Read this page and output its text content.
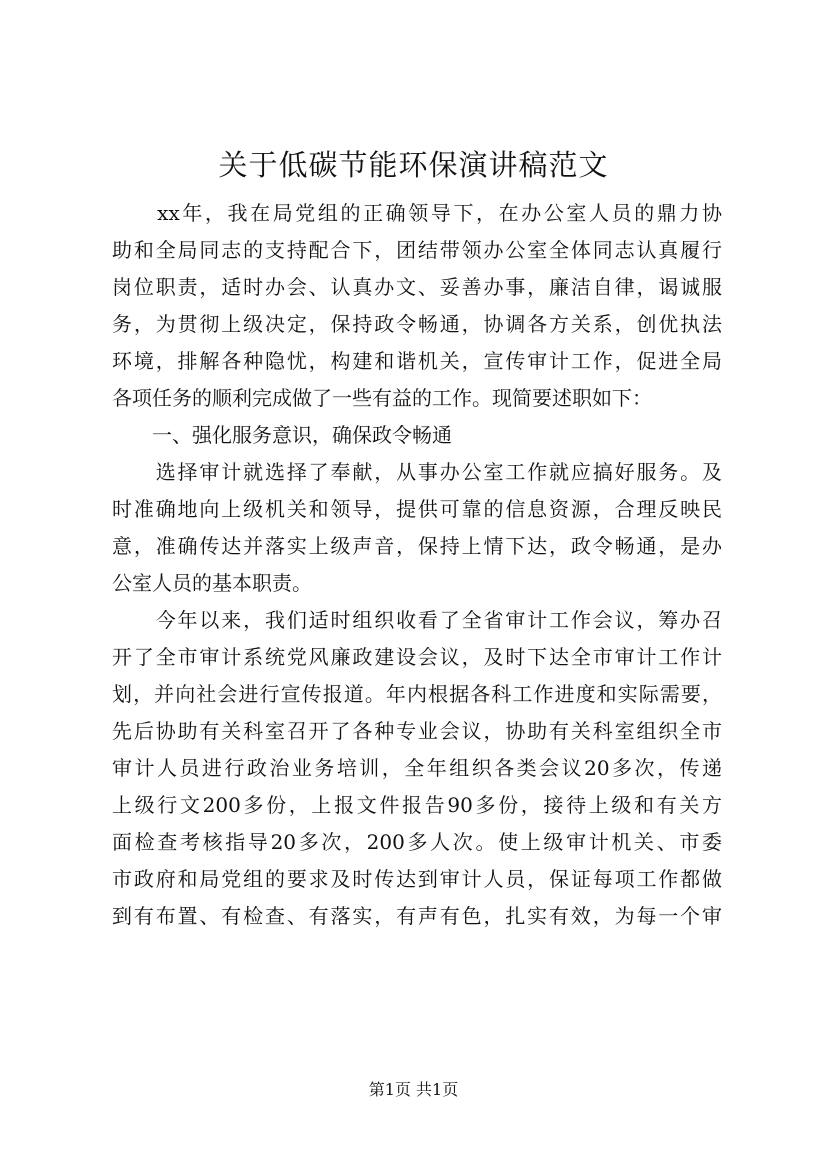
关于低碳节能环保演讲稿范文
　　xx年，我在局党组的正确领导下，在办公室人员的鼎力协
助和全局同志的支持配合下，团结带领办公室全体同志认真履行
岗位职责，适时办会、认真办文、妥善办事，廉洁自律，谒诚服
务，为贯彻上级决定，保持政令畅通，协调各方关系，创优执法
环境，排解各种隐忧，构建和谐机关，宣传审计工作，促进全局
各项任务的顺利完成做了一些有益的工作。现简要述职如下：
　　一、强化服务意识，确保政令畅通
　　选择审计就选择了奉献，从事办公室工作就应搞好服务。及
时准确地向上级机关和领导，提供可靠的信息资源，合理反映民
意，准确传达并落实上级声音，保持上情下达，政令畅通，是办
公室人员的基本职责。
　　今年以来，我们适时组织收看了全省审计工作会议，筹办召
开了全市审计系统党风廉政建设会议，及时下达全市审计工作计
划，并向社会进行宣传报道。年内根据各科工作进度和实际需要，
先后协助有关科室召开了各种专业会议，协助有关科室组织全市
审计人员进行政治业务培训，全年组织各类会议20多次，传递
上级行文200多份，上报文件报告90多份，接待上级和有关方
面检查考核指导20多次，200多人次。使上级审计机关、市委
市政府和局党组的要求及时传达到审计人员，保证每项工作都做
到有布置、有检查、有落实，有声有色，扎实有效，为每一个审
第1页 共1页
